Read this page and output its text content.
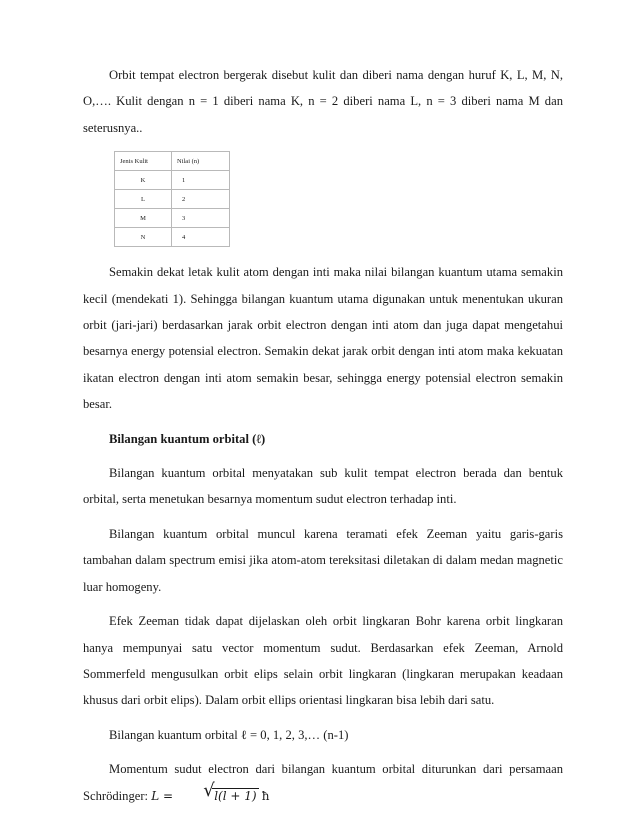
Orbit tempat electron bergerak disebut kulit dan diberi nama dengan huruf K, L, M, N, O,…. Kulit dengan n = 1 diberi nama K, n = 2 diberi nama L, n = 3 diberi nama M dan seterusnya..

Jenis Kulit	Nilai (n)
K	1
L	2
M	3
N	4

Semakin dekat letak kulit atom dengan inti maka nilai bilangan kuantum utama semakin kecil (mendekati 1). Sehingga bilangan kuantum utama digunakan untuk menentukan ukuran orbit (jari-jari) berdasarkan jarak orbit electron dengan inti atom dan juga dapat mengetahui besarnya energy potensial electron. Semakin dekat jarak orbit dengan inti atom maka kekuatan ikatan electron dengan inti atom semakin besar, sehingga energy potensial electron semakin besar.

Bilangan kuantum orbital (ℓ)

Bilangan kuantum orbital menyatakan sub kulit tempat electron berada dan bentuk orbital, serta menetukan besarnya momentum sudut electron terhadap inti.

Bilangan kuantum orbital muncul karena teramati efek Zeeman yaitu garis-garis tambahan dalam spectrum emisi jika atom-atom tereksitasi diletakan di dalam medan magnetic luar homogeny.

Efek Zeeman tidak dapat dijelaskan oleh orbit lingkaran Bohr karena orbit lingkaran hanya mempunyai satu vector momentum sudut. Berdasarkan efek Zeeman, Arnold Sommerfeld mengusulkan orbit elips selain orbit lingkaran (lingkaran merupakan keadaan khusus dari orbit elips). Dalam orbit ellips orientasi lingkaran bisa lebih dari satu.

Bilangan kuantum orbital ℓ = 0, 1, 2, 3,… (n-1)

Momentum sudut electron dari bilangan kuantum orbital diturunkan dari persamaan Schrödinger: L =	√ l(l + 1) ħ
